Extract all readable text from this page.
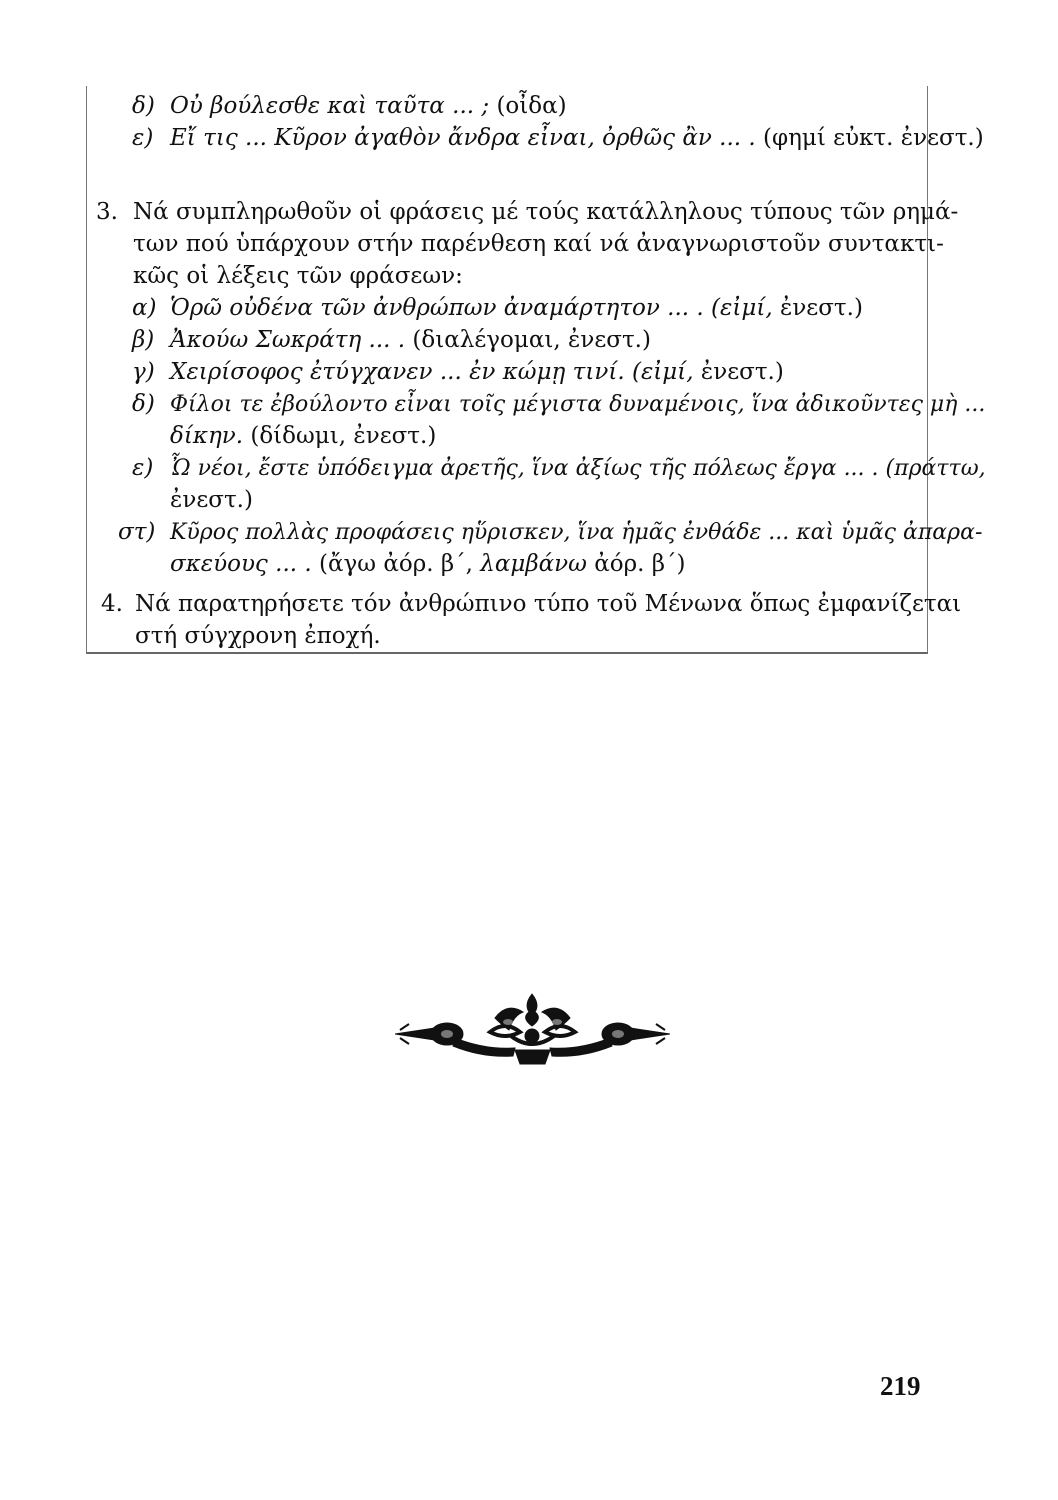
δ) Οὐ βούλεσθε καὶ ταῦτα ... ; (οἶδα)
ε) Εἴ τις ... Κῦρον ἀγαθὸν ἄνδρα εἶναι, ὀρθῶς ἂν ... . (φημί εὐκτ. ἐνεστ.)
3. Νά συμπληρωθοῦν οἱ φράσεις μέ τούς κατάλληλους τύπους τῶν ρημά-
των πού ὑπάρχουν στήν παρένθεση καί νά ἀναγνωριστοῦν συντακτι-
κῶς οἱ λέξεις τῶν φράσεων:
α) Ὁρῶ οὐδένα τῶν ἀνθρώπων ἀναμάρτητον ... . (εἰμί, ἐνεστ.)
β) Ἀκούω Σωκράτη ... . (διαλέγομαι, ἐνεστ.)
γ) Χειρίσοφος ἐτύγχανεν ... ἐν κώμῃ τινί. (εἰμί, ἐνεστ.)
δ) Φίλοι τε ἐβούλοντο εἶναι τοῖς μέγιστα δυναμένοις, ἵνα ἀδικοῦντες μὴ ...
δίκην. (δίδωμι, ἐνεστ.)
ε) Ὦ νέοι, ἔστε ὑπόδειγμα ἀρετῆς, ἵνα ἀξίως τῆς πόλεως ἔργα ... . (πράττω,
ἐνεστ.)
στ) Κῦρος πολλὰς προφάσεις ηὕρισκεν, ἵνα ἡμᾶς ἐνθάδε ... καὶ ὑμᾶς ἀπαρα-
σκεύους ... . (ἄγω ἀόρ. β΄, λαμβάνω ἀόρ. β΄)
4. Νά παρατηρήσετε τόν ἀνθρώπινο τύπο τοῦ Μένωνα ὅπως ἐμφανίζεται
στή σύγχρονη ἐποχή.
219
